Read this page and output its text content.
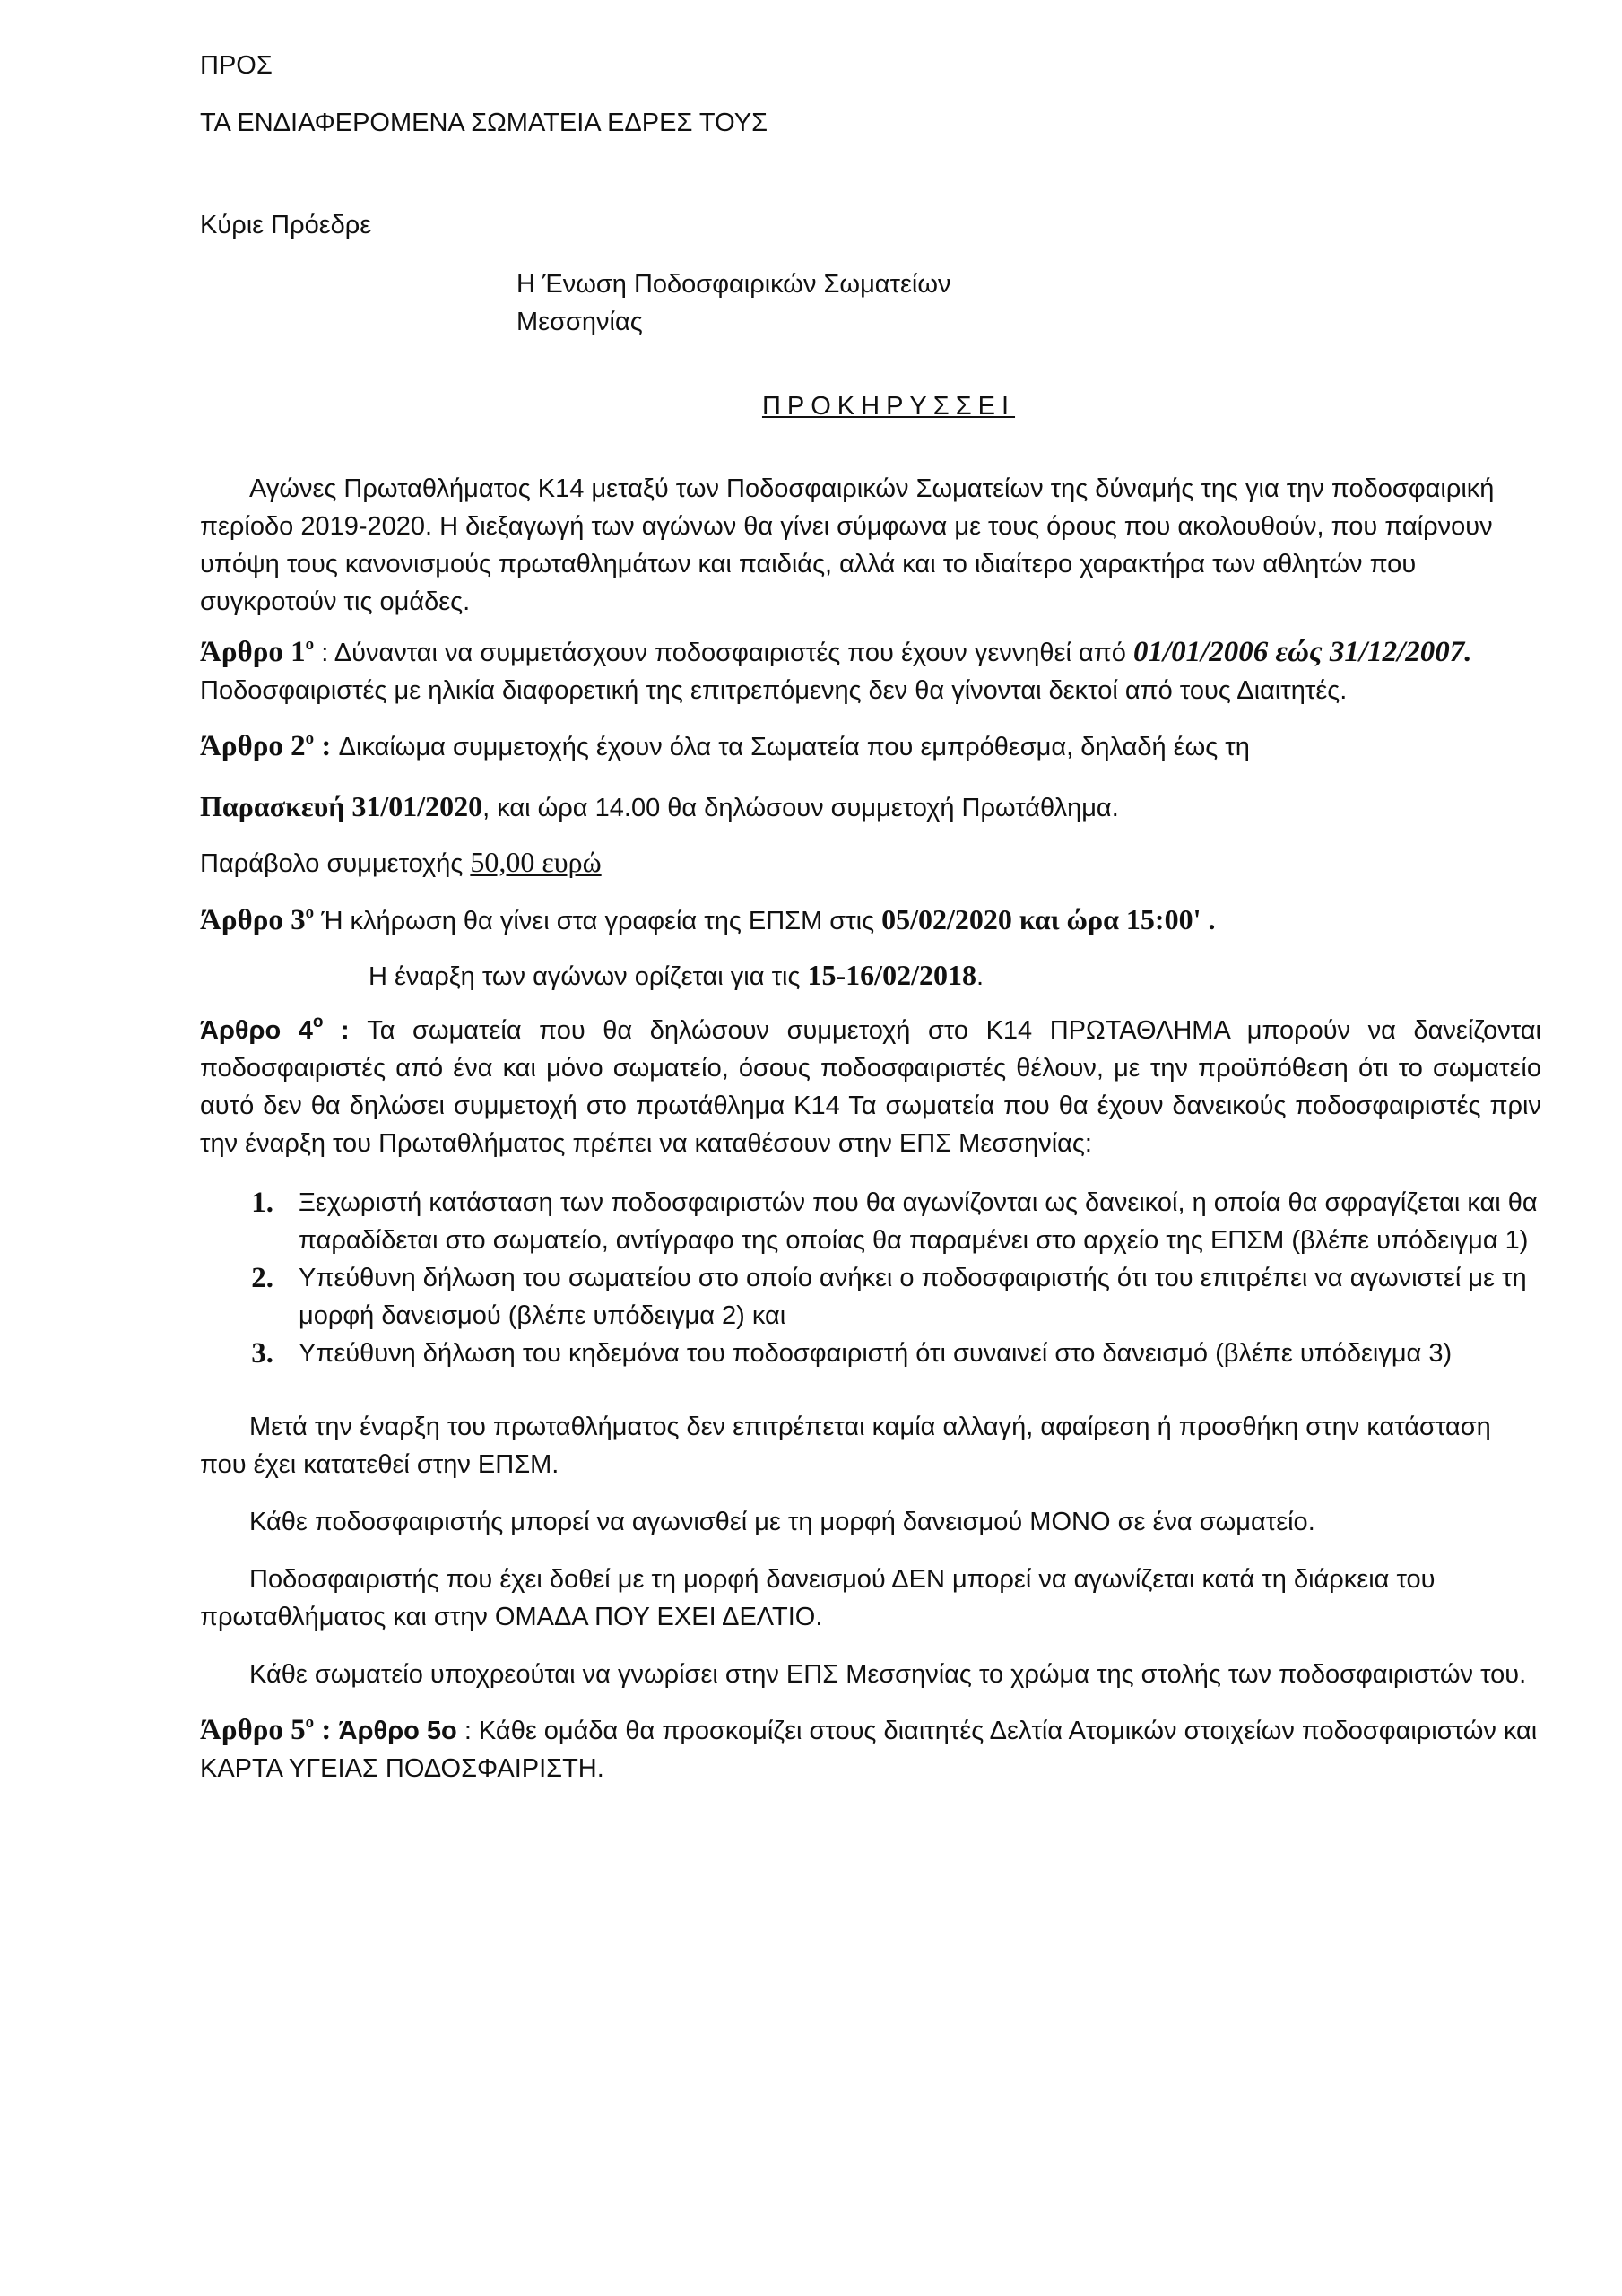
ΠΡΟΣ

ΤΑ ΕΝΔΙΑΦΕΡΟΜΕΝΑ ΣΩΜΑΤΕΙΑ ΕΔΡΕΣ ΤΟΥΣ

Κύριε Πρόεδρε

Η Ένωση Ποδοσφαιρικών Σωματείων

Μεσσηνίας

ΠΡΟΚΗΡΥΣΣΕΙ

Αγώνες Πρωταθλήματος Κ14 μεταξύ των Ποδοσφαιρικών Σωματείων της δύναμής της για την ποδοσφαιρική περίοδο 2019-2020. Η διεξαγωγή των αγώνων θα γίνει σύμφωνα με τους όρους που ακολουθούν, που παίρνουν υπόψη τους κανονισμούς πρωταθλημάτων και παιδιάς, αλλά και το ιδιαίτερο χαρακτήρα των αθλητών που συγκροτούν τις ομάδες.

Άρθρο $1^o$ : Δύνανται να συμμετάσχουν ποδοσφαιριστές που έχουν γεννηθεί από 01/01/2006 εώς 31/12/2007. Ποδοσφαιριστές με ηλικία διαφορετική της επιτρεπόμενης δεν θα γίνονται δεκτοί από τους Διαιτητές.

Άρθρο $2^o$ : Δικαίωμα συμμετοχής έχουν όλα τα Σωματεία που εμπρόθεσμα, δηλαδή έως τη

Παρασκευή 31/01/2020, και ώρα 14.00 θα δηλώσουν συμμετοχή Πρωτάθλημα.

Παράβολο συμμετοχής 50,00 ευρώ

Άρθρο $3^o$ Ή κλήρωση θα γίνει στα γραφεία της ΕΠΣΜ στις 05/02/2020 και ώρα 15:00' .

Η έναρξη των αγώνων ορίζεται για τις 15-16/02/2018.

Άρθρο $4^o$ : Τα σωματεία που θα δηλώσουν συμμετοχή στο Κ14 ΠΡΩΤΑΘΛΗΜΑ μπορούν να δανείζονται ποδοσφαιριστές από ένα και μόνο σωματείο, όσους ποδοσφαιριστές θέλουν, με την προϋπόθεση ότι το σωματείο αυτό δεν θα δηλώσει συμμετοχή στο πρωτάθλημα Κ14 Τα σωματεία που θα έχουν δανεικούς ποδοσφαιριστές πριν την έναρξη του Πρωταθλήματος πρέπει να καταθέσουν στην ΕΠΣ Μεσσηνίας:

1. Ξεχωριστή κατάσταση των ποδοσφαιριστών που θα αγωνίζονται ως δανεικοί, η οποία θα σφραγίζεται και θα παραδίδεται στο σωματείο, αντίγραφο της οποίας θα παραμένει στο αρχείο της ΕΠΣΜ (βλέπε υπόδειγμα 1)
2. Υπεύθυνη δήλωση του σωματείου στο οποίο ανήκει ο ποδοσφαιριστής ότι του επιτρέπει να αγωνιστεί με τη μορφή δανεισμού (βλέπε υπόδειγμα 2) και
3. Υπεύθυνη δήλωση του κηδεμόνα του ποδοσφαιριστή ότι συναινεί στο δανεισμό (βλέπε υπόδειγμα 3)

Μετά την έναρξη του πρωταθλήματος δεν επιτρέπεται καμία αλλαγή, αφαίρεση ή προσθήκη στην κατάσταση που έχει κατατεθεί στην ΕΠΣΜ.

Κάθε ποδοσφαιριστής μπορεί να αγωνισθεί με τη μορφή δανεισμού ΜΟΝΟ σε ένα σωματείο.

Ποδοσφαιριστής που έχει δοθεί με τη μορφή δανεισμού ΔΕΝ μπορεί να αγωνίζεται κατά τη διάρκεια του πρωταθλήματος και στην ΟΜΑΔΑ ΠΟΥ ΕΧΕΙ ΔΕΛΤΙΟ.

Κάθε σωματείο υποχρεούται να γνωρίσει στην ΕΠΣ Μεσσηνίας το χρώμα της στολής των ποδοσφαιριστών του.

Άρθρο $5^o$ : Άρθρο 5ο : Κάθε ομάδα θα προσκομίζει στους διαιτητές Δελτία Ατομικών στοιχείων ποδοσφαιριστών και ΚΑΡΤΑ ΥΓΕΙΑΣ ΠΟΔΟΣΦΑΙΡΙΣΤΗ.
